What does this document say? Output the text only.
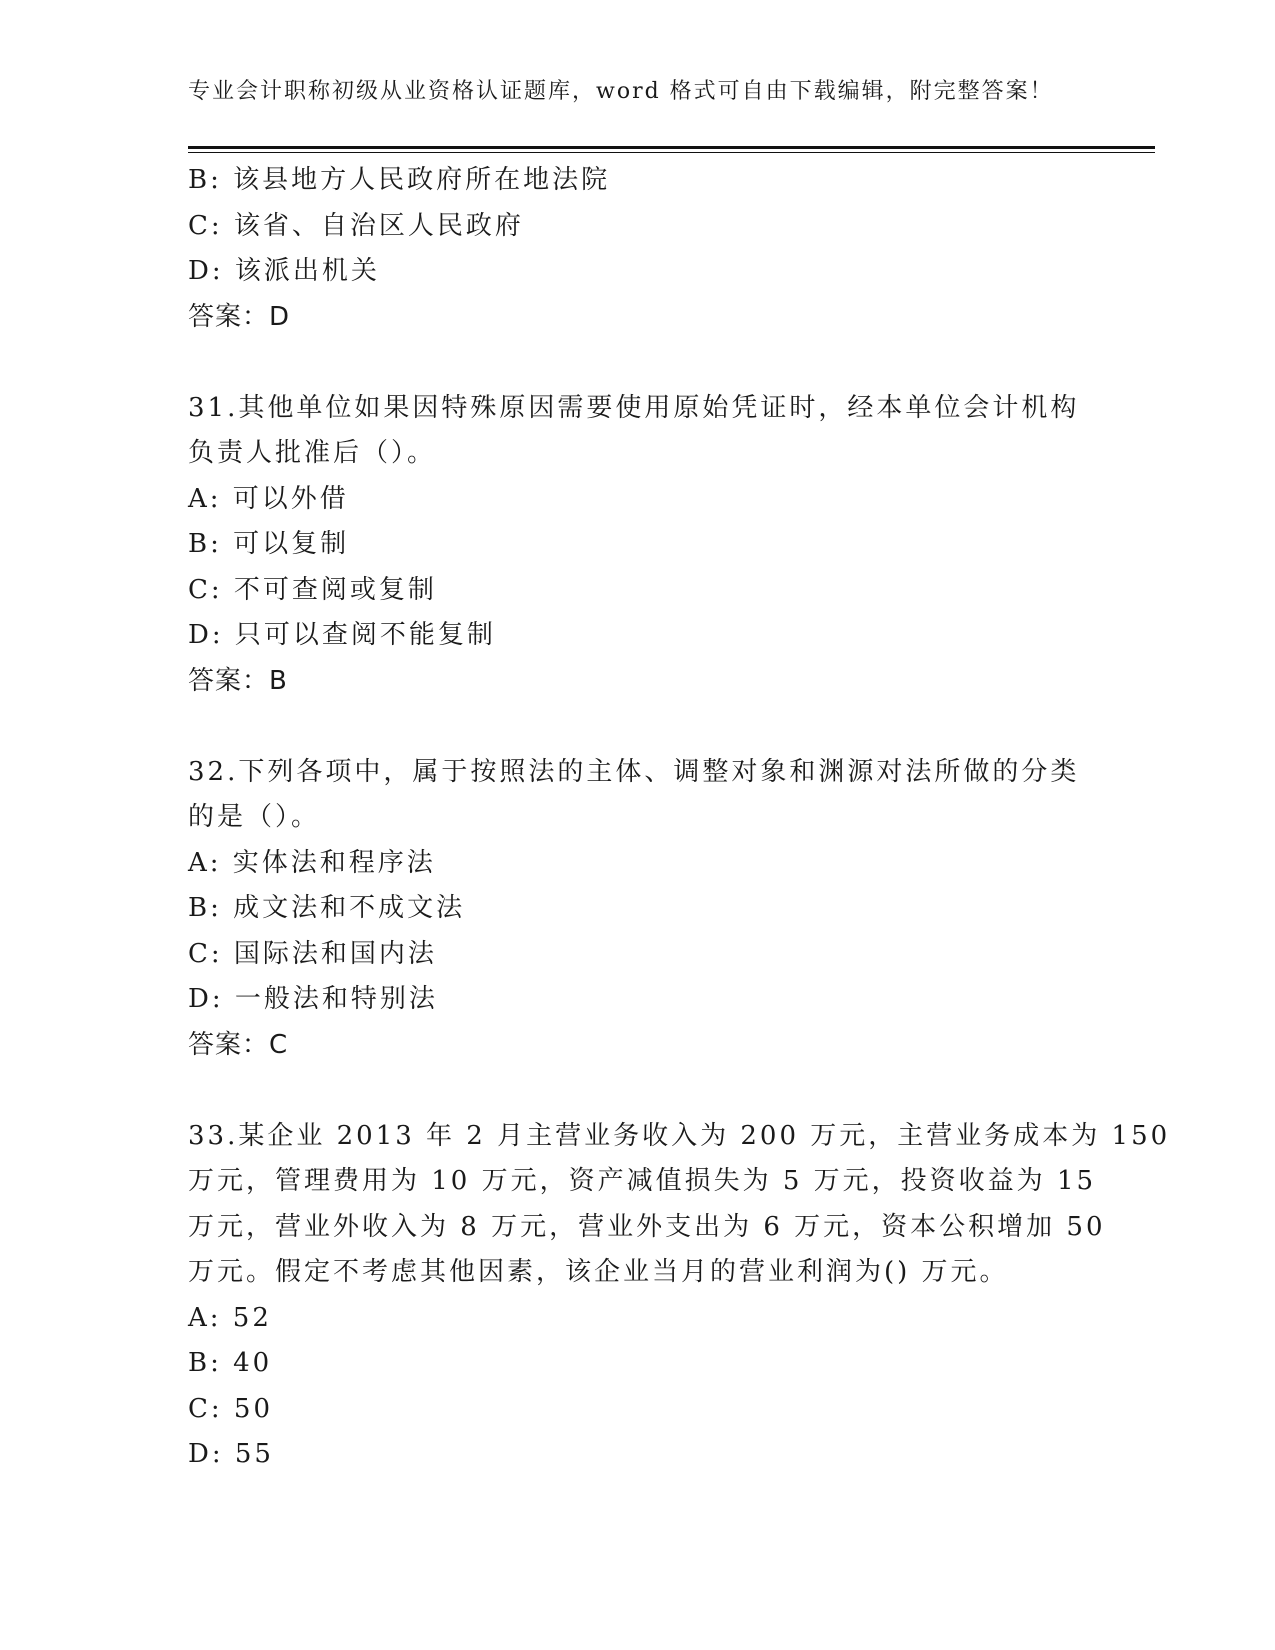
专业会计职称初级从业资格认证题库，word 格式可自由下载编辑，附完整答案！
B: 该县地方人民政府所在地法院
C: 该省、自治区人民政府
D: 该派出机关
答案：D
31.其他单位如果因特殊原因需要使用原始凭证时，经本单位会计机构
负责人批准后（）。
A: 可以外借
B: 可以复制
C: 不可查阅或复制
D: 只可以查阅不能复制
答案：B
32.下列各项中，属于按照法的主体、调整对象和渊源对法所做的分类
的是（）。
A: 实体法和程序法
B: 成文法和不成文法
C: 国际法和国内法
D: 一般法和特别法
答案：C
33.某企业 2013 年 2 月主营业务收入为 200 万元，主营业务成本为 150
万元，管理费用为 10 万元，资产减值损失为 5 万元，投资收益为 15
万元，营业外收入为 8 万元，营业外支出为 6 万元，资本公积增加 50
万元。假定不考虑其他因素，该企业当月的营业利润为() 万元。
A: 52
B: 40
C: 50
D: 55
